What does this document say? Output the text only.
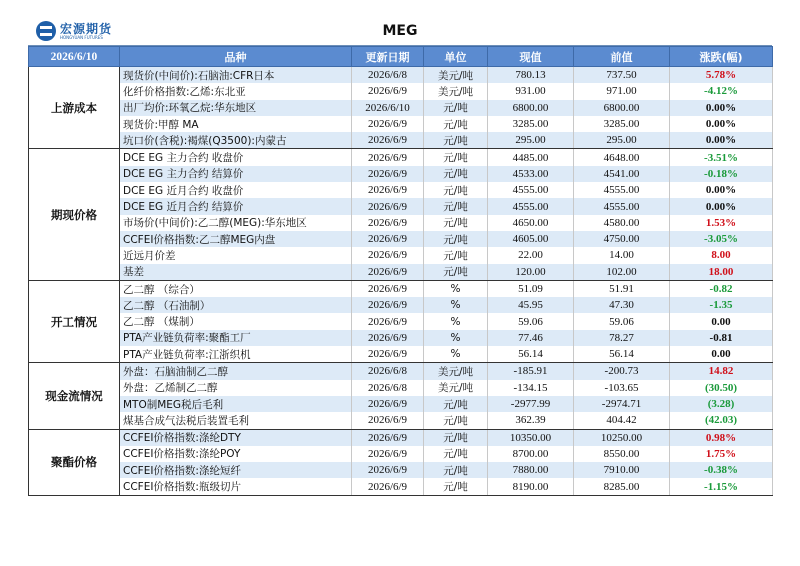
宏源期货
HONGYUAN FUTURES	MEG
2026/6/10	品种	更新日期	单位	现值	前值	涨跌(幅)
上游成本	现货价(中间价):石脑油:CFR日本	2026/6/8	美元/吨	780.13	737.50	5.78%
	化纤价格指数:乙烯:东北亚	2026/6/9	美元/吨	931.00	971.00	-4.12%
	出厂均价:环氧乙烷:华东地区	2026/6/10	元/吨	6800.00	6800.00	0.00%
	现货价:甲醇 MA	2026/6/9	元/吨	3285.00	3285.00	0.00%
	坑口价(含税):褐煤(Q3500):内蒙古	2026/6/9	元/吨	295.00	295.00	0.00%
期现价格	DCE EG 主力合约 收盘价	2026/6/9	元/吨	4485.00	4648.00	-3.51%
	DCE EG 主力合约 结算价	2026/6/9	元/吨	4533.00	4541.00	-0.18%
	DCE EG 近月合约 收盘价	2026/6/9	元/吨	4555.00	4555.00	0.00%
	DCE EG 近月合约 结算价	2026/6/9	元/吨	4555.00	4555.00	0.00%
	市场价(中间价):乙二醇(MEG):华东地区	2026/6/9	元/吨	4650.00	4580.00	1.53%
	CCFEI价格指数:乙二醇MEG内盘	2026/6/9	元/吨	4605.00	4750.00	-3.05%
	近远月价差	2026/6/9	元/吨	22.00	14.00	8.00
	基差	2026/6/9	元/吨	120.00	102.00	18.00
开工情况	乙二醇 （综合）	2026/6/9	%	51.09	51.91	-0.82
	乙二醇 （石油制）	2026/6/9	%	45.95	47.30	-1.35
	乙二醇 （煤制）	2026/6/9	%	59.06	59.06	0.00
	PTA产业链负荷率:聚酯工厂	2026/6/9	%	77.46	78.27	-0.81
	PTA产业链负荷率:江浙织机	2026/6/9	%	56.14	56.14	0.00
现金流情况	外盘：石脑油制乙二醇	2026/6/8	美元/吨	-185.91	-200.73	14.82
	外盘：乙烯制乙二醇	2026/6/8	美元/吨	-134.15	-103.65	(30.50)
	MTO制MEG税后毛利	2026/6/9	元/吨	-2977.99	-2974.71	(3.28)
	煤基合成气法税后装置毛利	2026/6/9	元/吨	362.39	404.42	(42.03)
聚酯价格	CCFEI价格指数:涤纶DTY	2026/6/9	元/吨	10350.00	10250.00	0.98%
	CCFEI价格指数:涤纶POY	2026/6/9	元/吨	8700.00	8550.00	1.75%
	CCFEI价格指数:涤纶短纤	2026/6/9	元/吨	7880.00	7910.00	-0.38%
	CCFEI价格指数:瓶级切片	2026/6/9	元/吨	8190.00	8285.00	-1.15%
